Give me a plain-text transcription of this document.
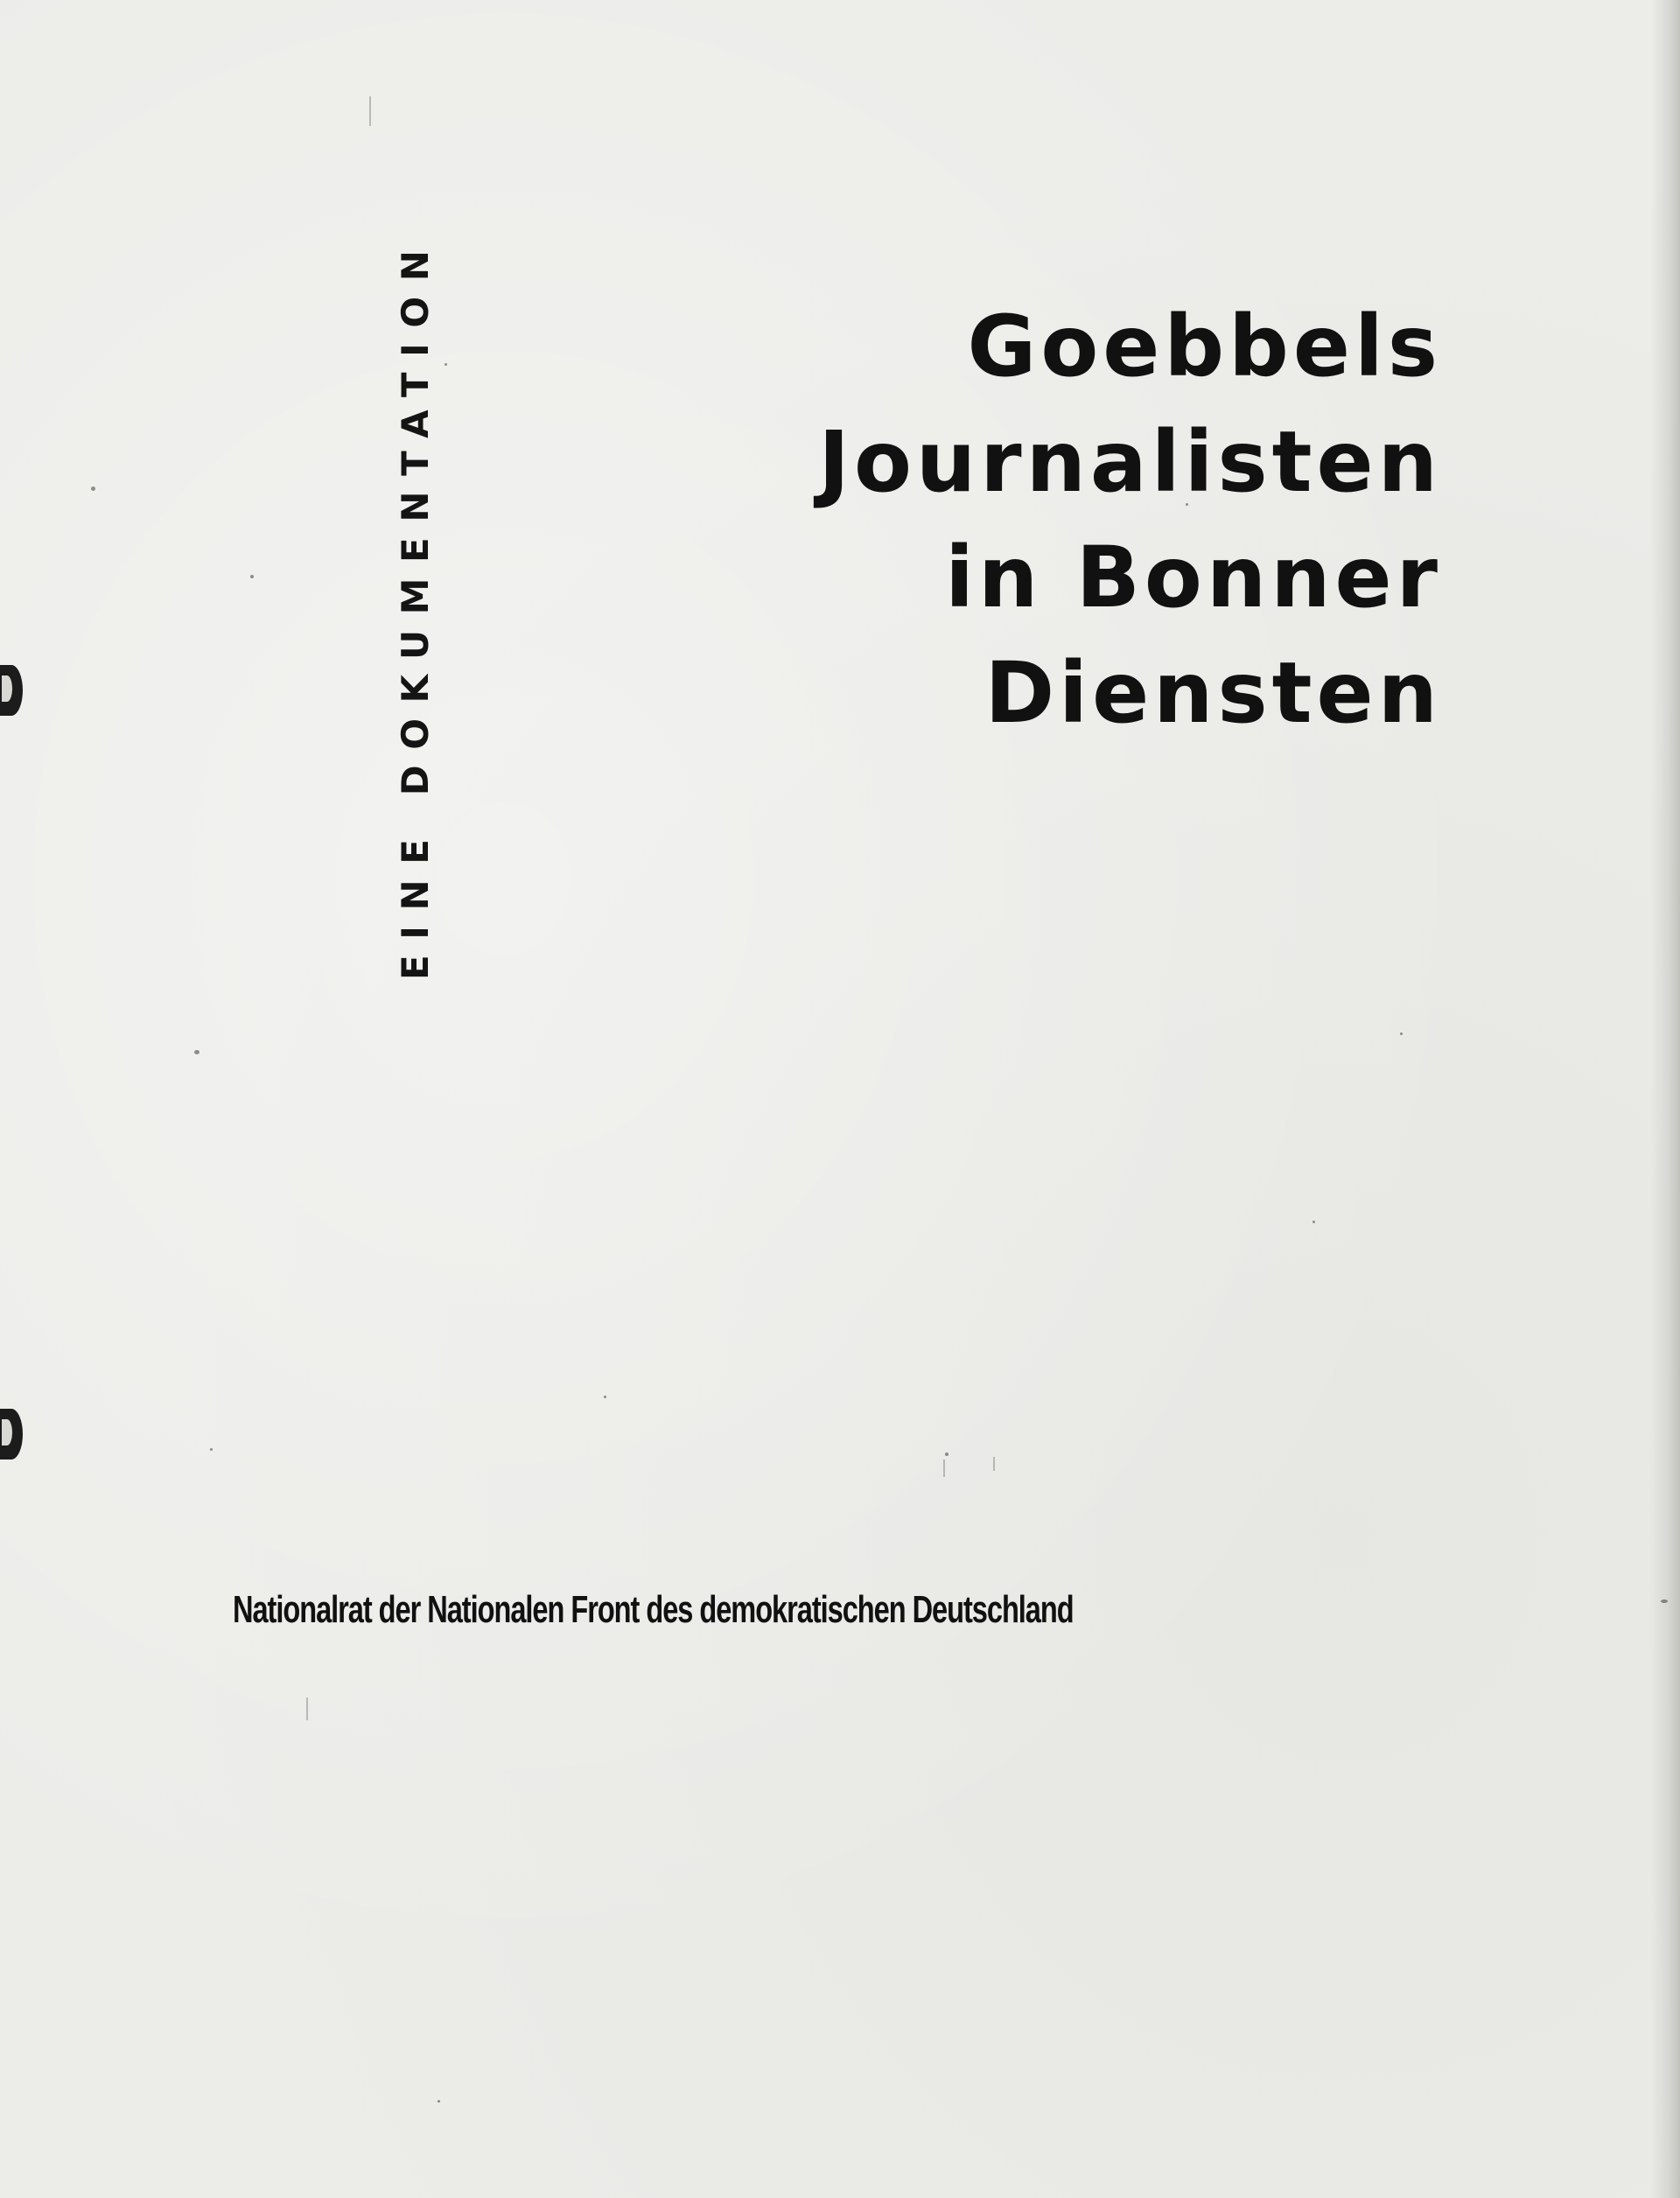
EINE DOKUMENTATION	Goebbels
Journalisten
in Bonner
Diensten
Nationalrat der Nationalen Front des demokratischen Deutschland
